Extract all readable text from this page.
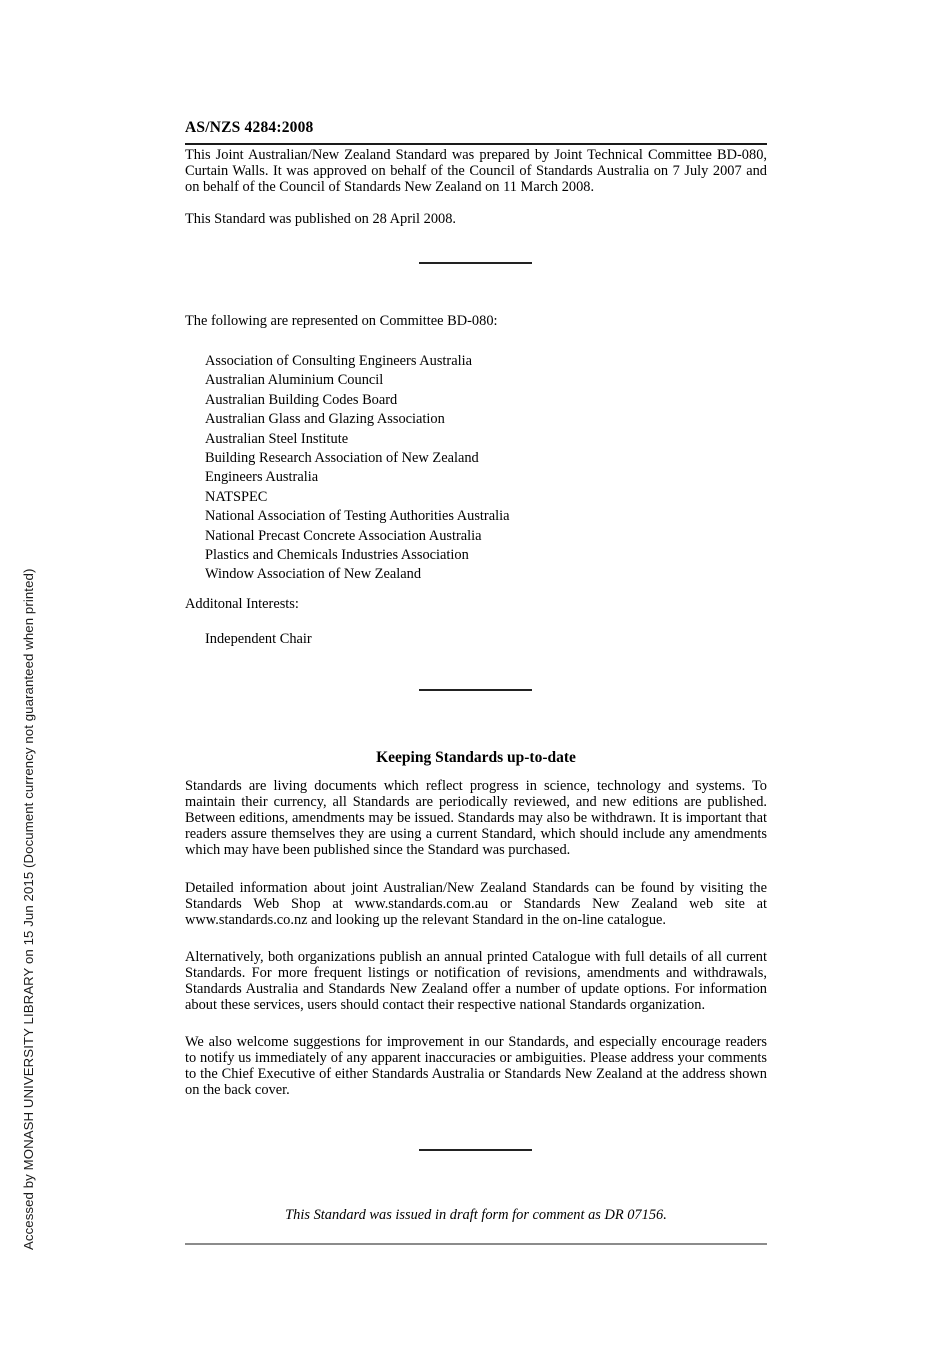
Accessed by MONASH UNIVERSITY LIBRARY on 15 Jun 2015 (Document currency not guaranteed when printed)
AS/NZS 4284:2008

This Joint Australian/New Zealand Standard was prepared by Joint Technical Committee BD-080, Curtain Walls. It was approved on behalf of the Council of Standards Australia on 7 July 2007 and on behalf of the Council of Standards New Zealand on 11 March 2008.

This Standard was published on 28 April 2008.

The following are represented on Committee BD-080:
Association of Consulting Engineers Australia
Australian Aluminium Council
Australian Building Codes Board
Australian Glass and Glazing Association
Australian Steel Institute
Building Research Association of New Zealand
Engineers Australia
NATSPEC
National Association of Testing Authorities Australia
National Precast Concrete Association Australia
Plastics and Chemicals Industries Association
Window Association of New Zealand
Additonal Interests:
Independent Chair
Keeping Standards up-to-date

Standards are living documents which reflect progress in science, technology and systems. To maintain their currency, all Standards are periodically reviewed, and new editions are published. Between editions, amendments may be issued. Standards may also be withdrawn. It is important that readers assure themselves they are using a current Standard, which should include any amendments which may have been published since the Standard was purchased.

Detailed information about joint Australian/New Zealand Standards can be found by visiting the Standards Web Shop at www.standards.com.au or Standards New Zealand web site at www.standards.co.nz and looking up the relevant Standard in the on-line catalogue.

Alternatively, both organizations publish an annual printed Catalogue with full details of all current Standards. For more frequent listings or notification of revisions, amendments and withdrawals, Standards Australia and Standards New Zealand offer a number of update options. For information about these services, users should contact their respective national Standards organization.

We also welcome suggestions for improvement in our Standards, and especially encourage readers to notify us immediately of any apparent inaccuracies or ambiguities. Please address your comments to the Chief Executive of either Standards Australia or Standards New Zealand at the address shown on the back cover.

This Standard was issued in draft form for comment as DR 07156.
